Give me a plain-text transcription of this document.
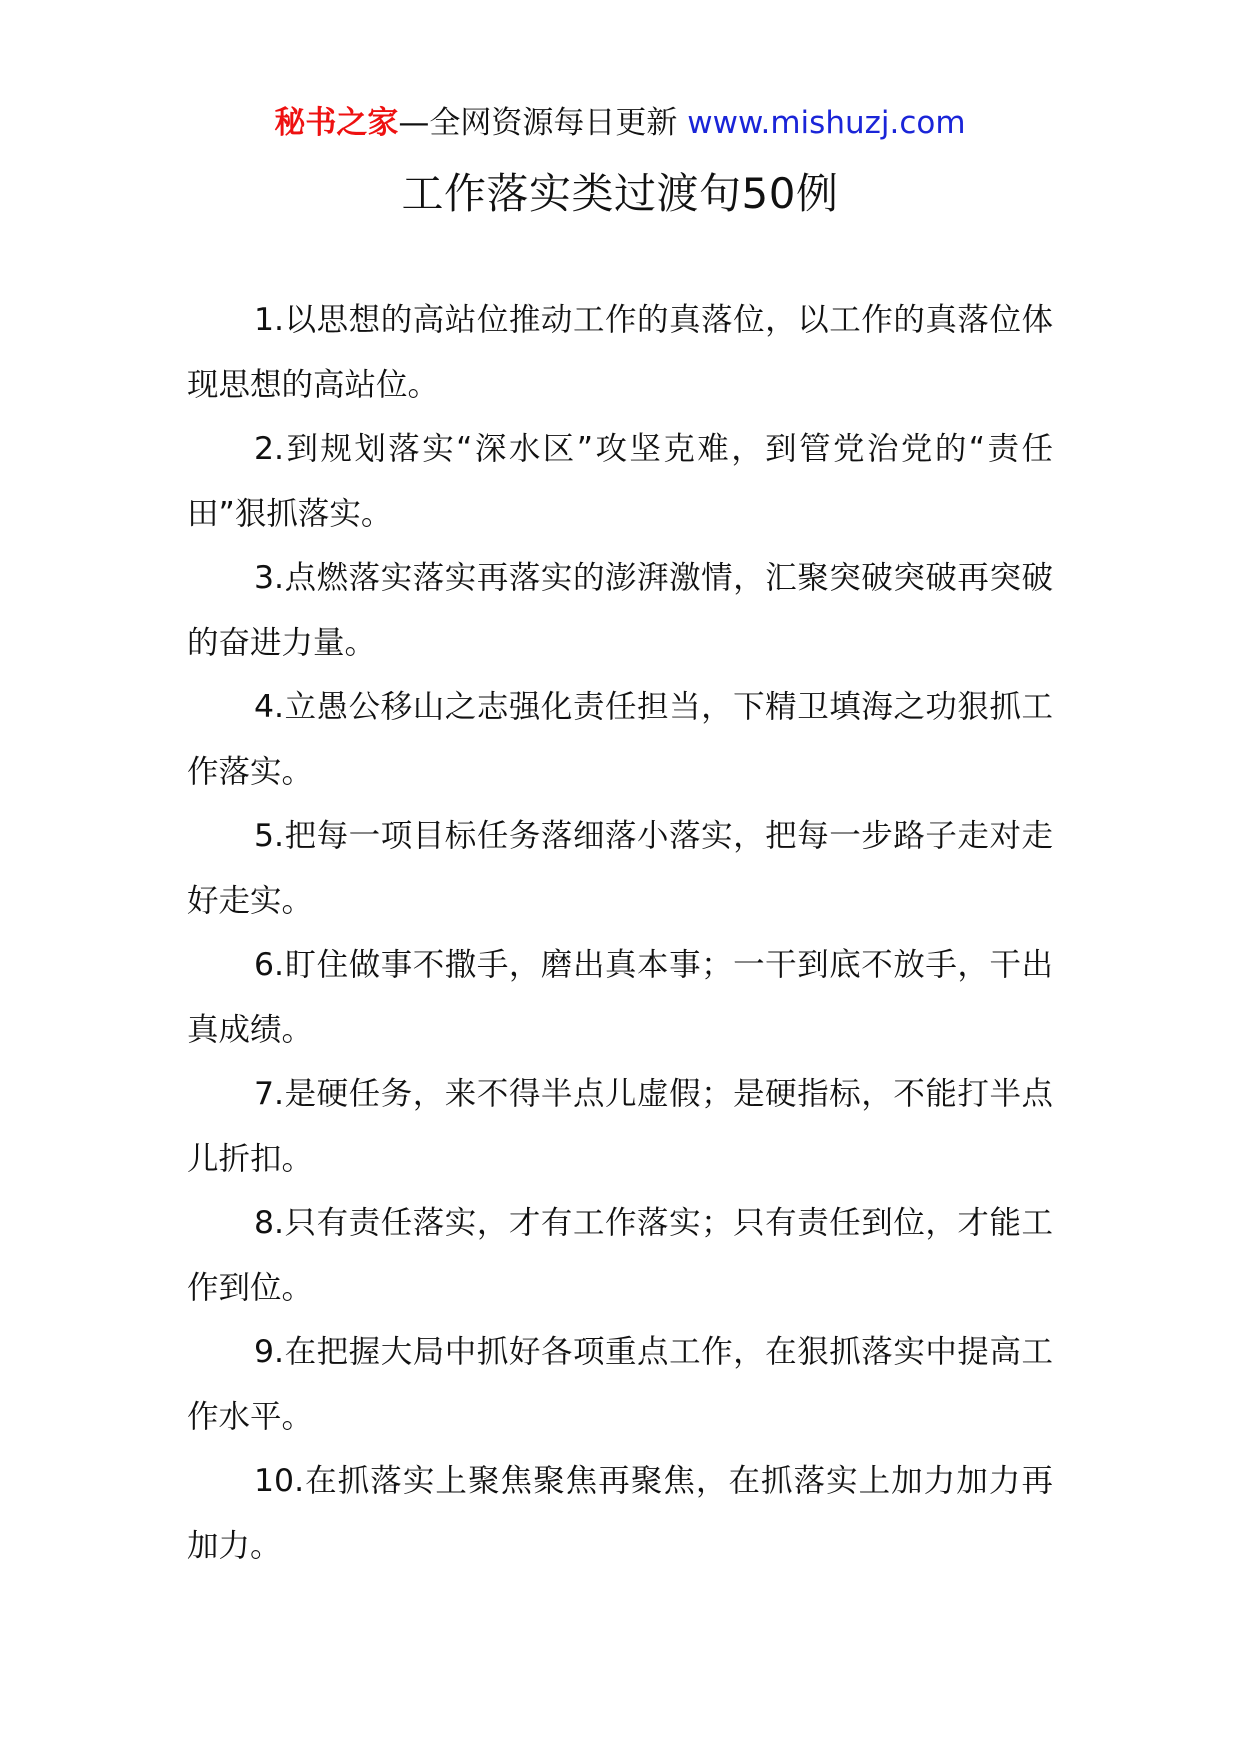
秘书之家—全网资源每日更新 www.mishuzj.com
工作落实类过渡句50例
1.以思想的高站位推动工作的真落位，以工作的真落位体现思想的高站位。
2.到规划落实“深水区”攻坚克难，到管党治党的“责任田”狠抓落实。
3.点燃落实落实再落实的澎湃激情，汇聚突破突破再突破的奋进力量。
4.立愚公移山之志强化责任担当，下精卫填海之功狠抓工作落实。
5.把每一项目标任务落细落小落实，把每一步路子走对走好走实。
6.盯住做事不撒手，磨出真本事；一干到底不放手，干出真成绩。
7.是硬任务，来不得半点儿虚假；是硬指标，不能打半点儿折扣。
8.只有责任落实，才有工作落实；只有责任到位，才能工作到位。
9.在把握大局中抓好各项重点工作，在狠抓落实中提高工作水平。
10.在抓落实上聚焦聚焦再聚焦，在抓落实上加力加力再加力。
